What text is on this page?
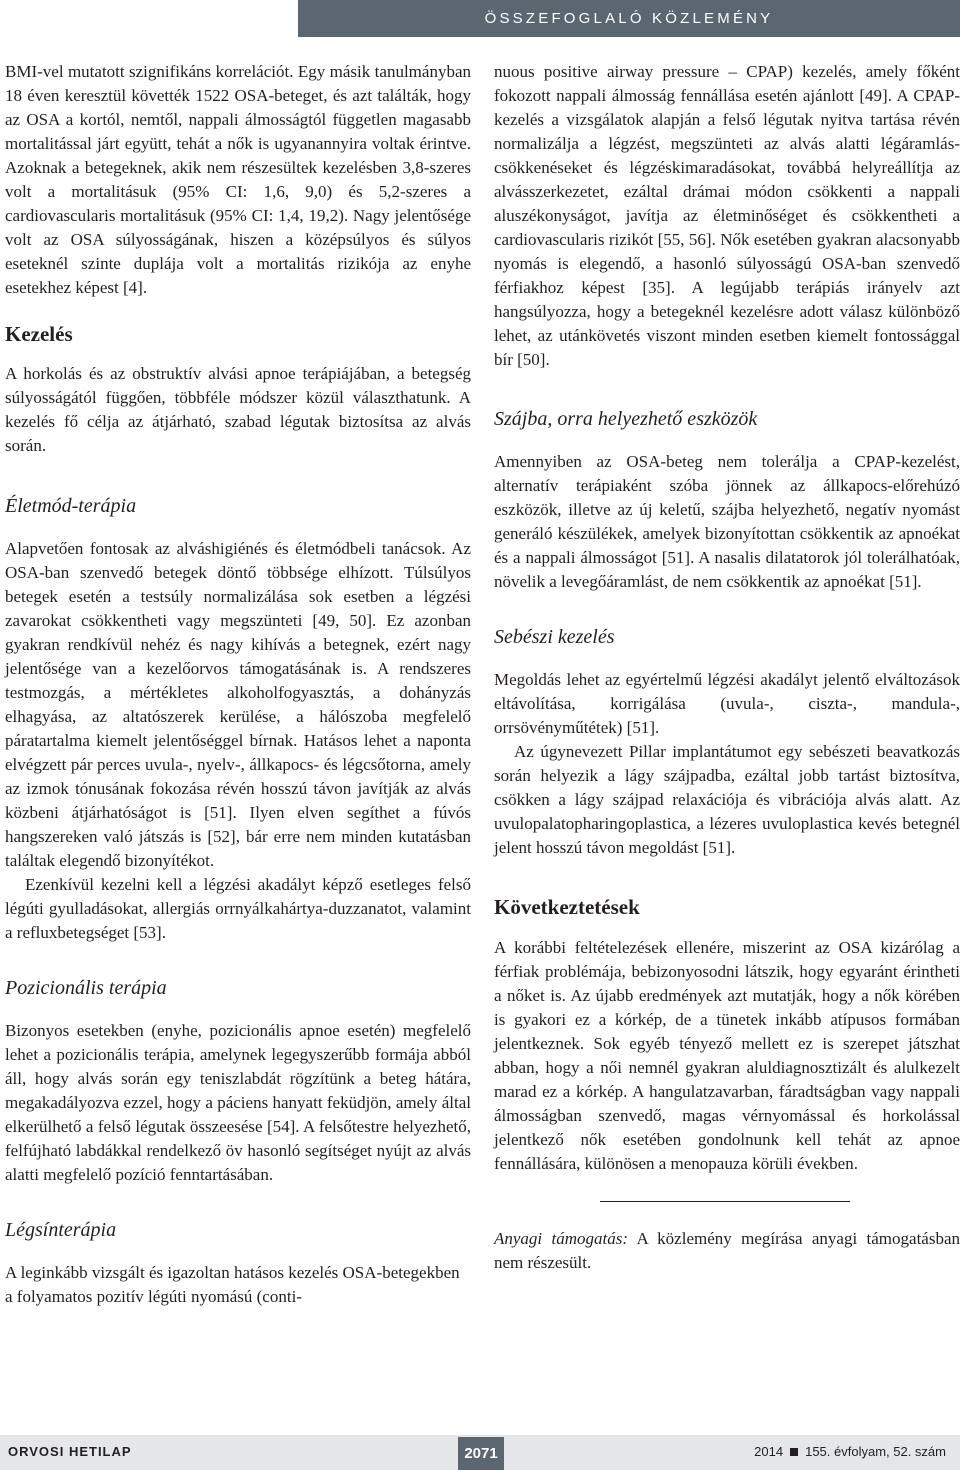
ÖSSZEFOGLALÓ KÖZLEMÉNY

BMI-vel mutatott szignifikáns korrelációt. Egy másik tanulmányban 18 éven keresztül követték 1522 OSA-beteget, és azt találták, hogy az OSA a kortól, nemtől, nappali álmosságtól független magasabb mortalitással járt együtt, tehát a nők is ugyanannyira voltak érintve. Azoknak a betegeknek, akik nem részesültek kezelésben 3,8-szeres volt a mortalitásuk (95% CI: 1,6, 9,0) és 5,2-szeres a cardiovascularis mortalitásuk (95% CI: 1,4, 19,2). Nagy jelentősége volt az OSA súlyosságának, hiszen a középsúlyos és súlyos eseteknél szinte duplája volt a mortalitás rizikója az enyhe esetekhez képest [4].

Kezelés

A horkolás és az obstruktív alvási apnoe terápiájában, a betegség súlyosságától függően, többféle módszer közül választhatunk. A kezelés fő célja az átjárható, szabad légutak biztosítsa az alvás során.

Életmód-terápia

Alapvetően fontosak az alváshigiénés és életmódbeli tanácsok. Az OSA-ban szenvedő betegek döntő többsége elhízott. Túlsúlyos betegek esetén a testsúly normalizálása sok esetben a légzési zavarokat csökkentheti vagy megszünteti [49, 50]. Ez azonban gyakran rendkívül nehéz és nagy kihívás a betegnek, ezért nagy jelentősége van a kezelőorvos támogatásának is. A rendszeres testmozgás, a mértékletes alkoholfogyasztás, a dohányzás elhagyása, az altatószerek kerülése, a hálószoba megfelelő páratartalma kiemelt jelentőséggel bírnak. Hatásos lehet a naponta elvégzett pár perces uvula-, nyelv-, állkapocs- és légcsőtorna, amely az izmok tónusának fokozása révén hosszú távon javítják az alvás közbeni átjárhatóságot is [51]. Ilyen elven segíthet a fúvós hangszereken való játszás is [52], bár erre nem minden kutatásban találtak elegendő bizonyítékot.

Ezenkívül kezelni kell a légzési akadályt képző esetleges felső légúti gyulladásokat, allergiás orrnyálkahártya-duzzanatot, valamint a refluxbetegséget [53].

Pozicionális terápia

Bizonyos esetekben (enyhe, pozicionális apnoe esetén) megfelelő lehet a pozicionális terápia, amelynek legegyszerűbb formája abból áll, hogy alvás során egy teniszlabdát rögzítünk a beteg hátára, megakadályozva ezzel, hogy a páciens hanyatt feküdjön, amely által elkerülhető a felső légutak összeesése [54]. A felsőtestre helyezhető, felfújható labdákkal rendelkező öv hasonló segítséget nyújt az alvás alatti megfelelő pozíció fenntartásában.

Légsínterápia

A leginkább vizsgált és igazoltan hatásos kezelés OSA-betegekben a folyamatos pozitív légúti nyomású (conti-

nuous positive airway pressure – CPAP) kezelés, amely főként fokozott nappali álmosság fennállása esetén ajánlott [49]. A CPAP-kezelés a vizsgálatok alapján a felső légutak nyitva tartása révén normalizálja a légzést, megszünteti az alvás alatti légáramlás-csökkenéseket és légzéskimaradásokat, továbbá helyreállítja az alvásszerkezetet, ezáltal drámai módon csökkenti a nappali aluszékonyságot, javítja az életminőséget és csökkentheti a cardiovascularis rizikót [55, 56]. Nők esetében gyakran alacsonyabb nyomás is elegendő, a hasonló súlyosságú OSA-ban szenvedő férfiakhoz képest [35]. A legújabb terápiás irányelv azt hangsúlyozza, hogy a betegeknél kezelésre adott válasz különböző lehet, az utánkövetés viszont minden esetben kiemelt fontossággal bír [50].

Szájba, orra helyezhető eszközök

Amennyiben az OSA-beteg nem tolerálja a CPAP-kezelést, alternatív terápiaként szóba jönnek az állkapocs-előrehúzó eszközök, illetve az új keletű, szájba helyezhető, negatív nyomást generáló készülékek, amelyek bizonyítottan csökkentik az apnoékat és a nappali álmosságot [51]. A nasalis dilatatorok jól tolerálhatóak, növelik a levegőáramlást, de nem csökkentik az apnoékat [51].

Sebészi kezelés

Megoldás lehet az egyértelmű légzési akadályt jelentő elváltozások eltávolítása, korrigálása (uvula-, ciszta-, mandula-, orrsövényműtétek) [51].

Az úgynevezett Pillar implantátumot egy sebészeti beavatkozás során helyezik a lágy szájpadba, ezáltal jobb tartást biztosítva, csökken a lágy szájpad relaxációja és vibrációja alvás alatt. Az uvulopalatopharingoplastica, a lézeres uvuloplastica kevés betegnél jelent hosszú távon megoldást [51].

Következtetések

A korábbi feltételezések ellenére, miszerint az OSA kizárólag a férfiak problémája, bebizonyosodni látszik, hogy egyaránt érintheti a nőket is. Az újabb eredmények azt mutatják, hogy a nők körében is gyakori ez a kórkép, de a tünetek inkább atípusos formában jelentkeznek. Sok egyéb tényező mellett ez is szerepet játszhat abban, hogy a női nemnél gyakran aluldiagnosztizált és alulkezelt marad ez a kórkép. A hangulatzavarban, fáradtságban vagy nappali álmosságban szenvedő, magas vérnyomással és horkolással jelentkező nők esetében gondolnunk kell tehát az apnoe fennállására, különösen a menopauza körüli években.

Anyagi támogatás: A közlemény megírása anyagi támogatásban nem részesült.

ORVOSI HETILAP	2071	2014 155. évfolyam, 52. szám
